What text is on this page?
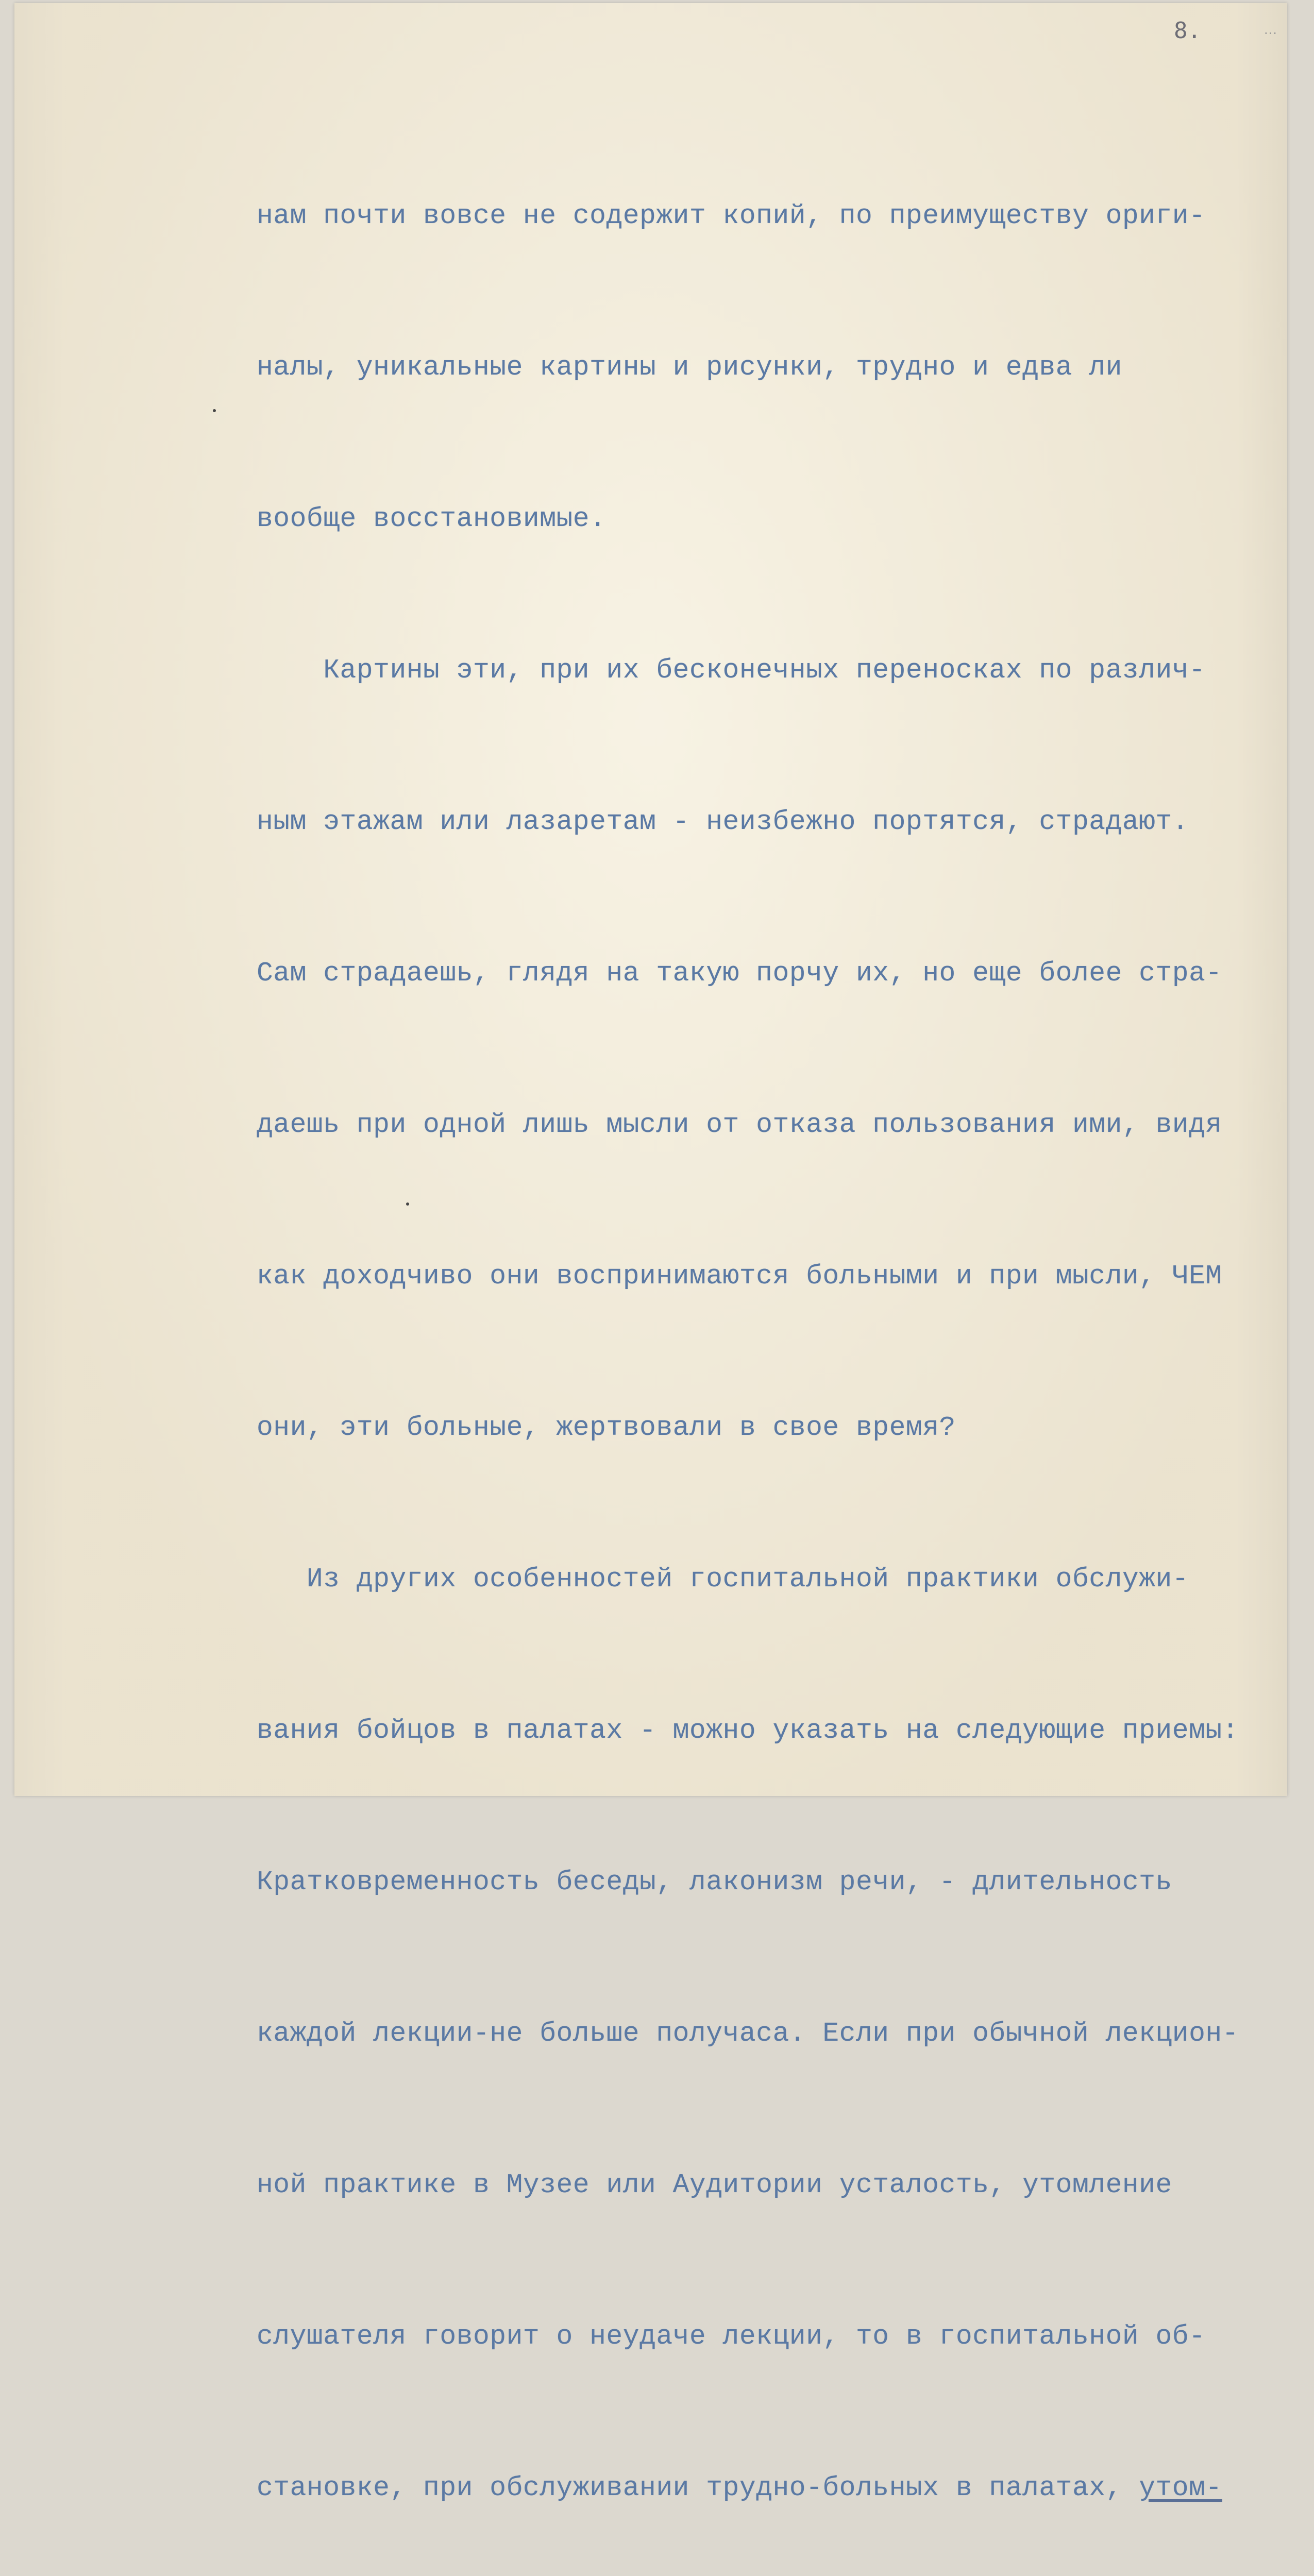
8.	...

нам почти вовсе не содержит копий, по преимуществу ориги-

налы, уникальные картины и рисунки, трудно и едва ли

вообще восстановимые.

Картины эти, при их бесконечных переносках по различ-

ным этажам или лазаретам - неизбежно портятся, страдают.

Сам страдаешь, глядя на такую порчу их, но еще более стра-

даешь при одной лишь мысли от отказа пользования ими, видя

как доходчиво они воспринимаются больными и при мысли, ЧЕМ

они, эти больные, жертвовали в свое время?

Из других особенностей госпитальной практики обслужи-

вания бойцов в палатах - можно указать на следующие приемы:

Кратковременность беседы, лаконизм речи, - длительность

каждой лекции-не больше получаса. Если при обычной лекцион-

ной практике в Музее или Аудитории усталость, утомление

слушателя говорит о неудаче лекции, то в госпитальной об-

становке, при обслуживании трудно-больных в палатах, утом-
